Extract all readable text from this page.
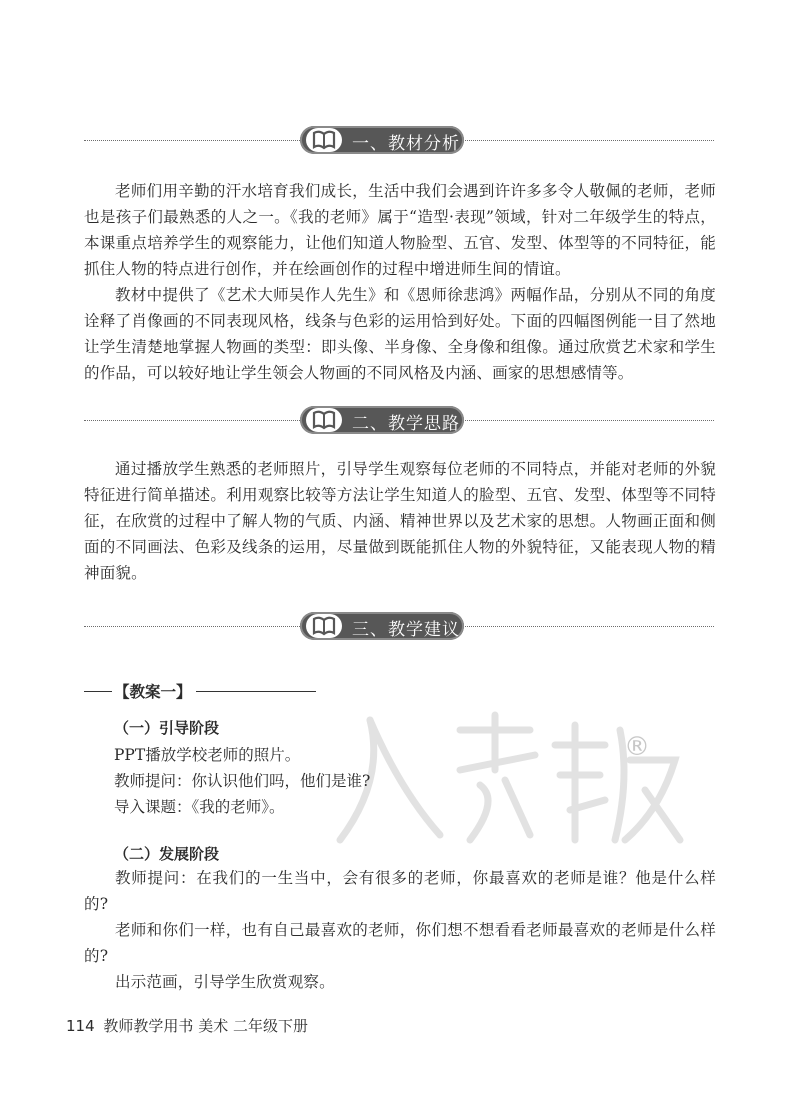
一、教材分析

老师们用辛勤的汗水培育我们成长，生活中我们会遇到许许多多令人敬佩的老师，老师也是孩子们最熟悉的人之一。《我的老师》属于“造型·表现”领域，针对二年级学生的特点，本课重点培养学生的观察能力，让他们知道人物脸型、五官、发型、体型等的不同特征，能抓住人物的特点进行创作，并在绘画创作的过程中增进师生间的情谊。

教材中提供了《艺术大师吴作人先生》和《恩师徐悲鸿》两幅作品，分别从不同的角度诠释了肖像画的不同表现风格，线条与色彩的运用恰到好处。下面的四幅图例能一目了然地让学生清楚地掌握人物画的类型：即头像、半身像、全身像和组像。通过欣赏艺术家和学生的作品，可以较好地让学生领会人物画的不同风格及内涵、画家的思想感情等。

二、教学思路

通过播放学生熟悉的老师照片，引导学生观察每位老师的不同特点，并能对老师的外貌特征进行简单描述。利用观察比较等方法让学生知道人的脸型、五官、发型、体型等不同特征，在欣赏的过程中了解人物的气质、内涵、精神世界以及艺术家的思想。人物画正面和侧面的不同画法、色彩及线条的运用，尽量做到既能抓住人物的外貌特征，又能表现人物的精神面貌。

三、教学建议
【教案一】
®
（一）引导阶段
PPT播放学校老师的照片。
教师提问：你认识他们吗，他们是谁?
导入课题：《我的老师》。
（二）发展阶段

教师提问：在我们的一生当中，会有很多的老师，你最喜欢的老师是谁？他是什么样的?

老师和你们一样，也有自己最喜欢的老师，你们想不想看看老师最喜欢的老师是什么样的?

出示范画，引导学生欣赏观察。

114 教师教学用书 美术 二年级下册
